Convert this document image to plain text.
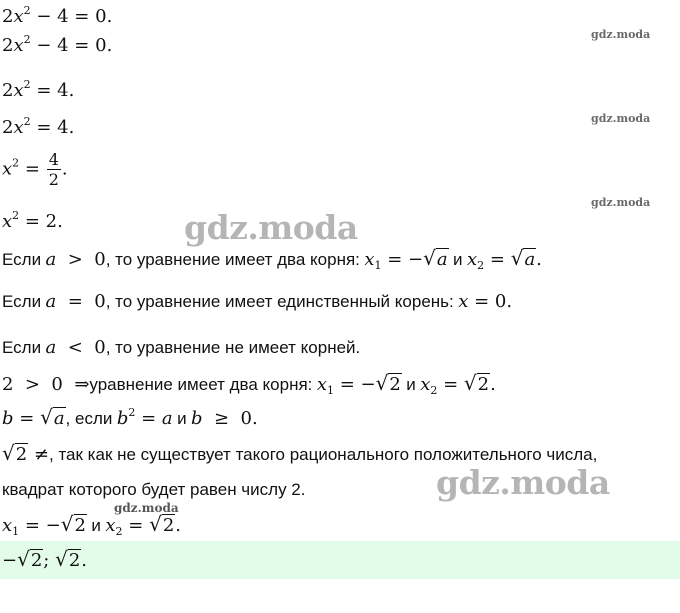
$2x^2 - 4 = 0$.
$2x^2 - 4 = 0$.
$2x^2 = 4$.
$2x^2 = 4$.
$x^2 = \frac{4}{2}$ .
$x^2 = 2$.
Если a  >  0, то уравнение имеет два корня: $x_1 = -√a$ и $x_2 = √a$.
Если a  =  0, то уравнение имеет единственный корень: x = 0.
Если a  <  0, то уравнение не имеет корней.
2  >  0  ⇒уравнение имеет два корня: $x_1 = -√2$ и $x_2 = √2$.
b = √a, если $b^2 = a$ и b  ≥  0.
√2 ≠, так как не существует такого рационального положительного числа,
квадрат которого будет равен числу 2.
$x_1 = -√2$ и $x_2 = √2$.
−√2; √2.
gdz.moda
gdz.moda
gdz.moda
gdz.moda
gdz.moda
gdz.moda
